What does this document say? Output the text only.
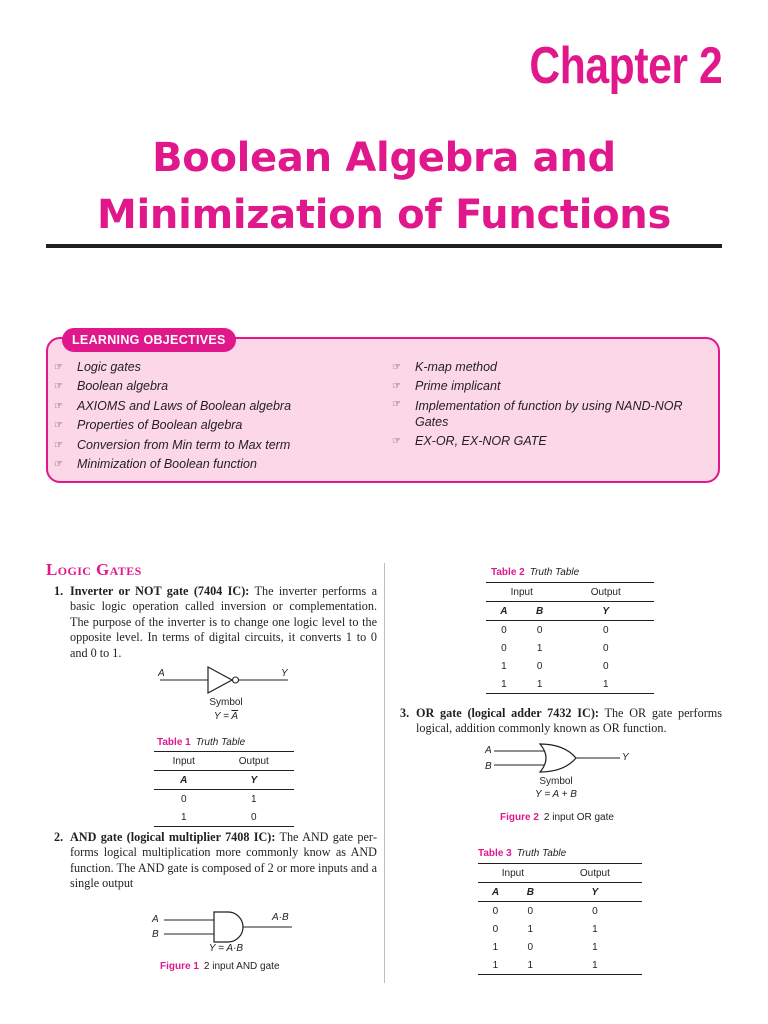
Chapter 2
Boolean Algebra and
Minimization of Functions
LEARNING OBJECTIVES
☞ Logic gates
☞ Boolean algebra
☞ AXIOMS and Laws of Boolean algebra
☞ Properties of Boolean algebra
☞ Conversion from Min term to Max term
☞ Minimization of Boolean function
☞ K-map method
☞ Prime implicant
☞ Implementation of function by using NAND-NOR Gates
☞ EX-OR, EX-NOR GATE
Logic Gates
1. Inverter or NOT gate (7404 IC): The inverter performs a basic logic operation called inversion or complementation. The purpose of the inverter is to change one logic level to the opposite level. In terms of digital circuits, it converts 1 to 0 and 0 to 1.
A	Y
Symbol
$Y = \overline{A}$
Table 1 Truth Table
Input	Output
A	Y
0	1
1	0
2. AND gate (logical multiplier 7408 IC): The AND gate performs logical multiplication more commonly know as AND function. The AND gate is composed of 2 or more inputs and a single output
A
B
A·B
Y = A·B
Figure 1 2 input AND gate
Table 2 Truth Table
Input		Output
A	B	Y
0	0	0
0	1	0
1	0	0
1	1	1
3. OR gate (logical adder 7432 IC): The OR gate performs logical, addition commonly known as OR function.
A
B
Y
Symbol
Y = A + B
Figure 2 2 input OR gate
Table 3 Truth Table
Input		Output
A	B	Y
0	0	0
0	1	1
1	0	1
1	1	1
